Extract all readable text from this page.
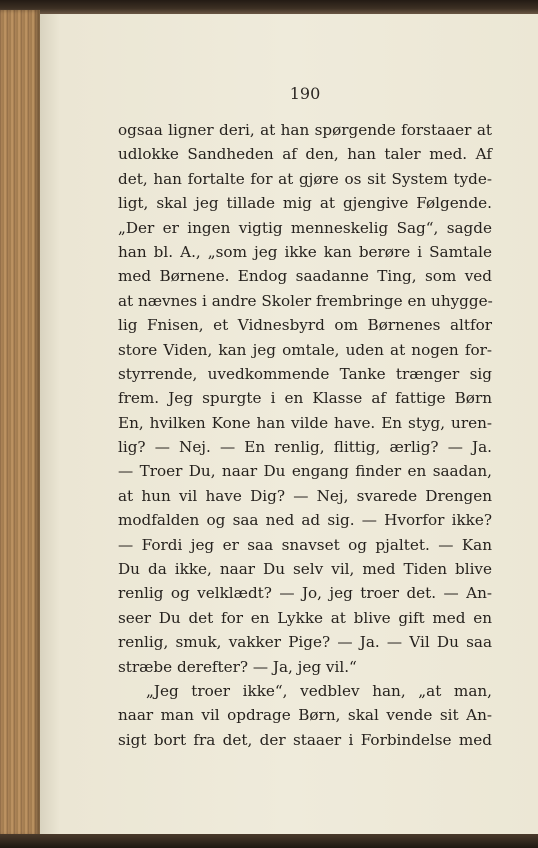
190
ogsaa ligner deri, at han spørgende forstaaer at
udlokke Sandheden af den, han taler med. Af
det, han fortalte for at gjøre os sit System tyde-
ligt, skal jeg tillade mig at gjengive Følgende.
„Der er ingen vigtig menneskelig Sag“, sagde
han bl. A., „som jeg ikke kan berøre i Samtale
med Børnene. Endog saadanne Ting, som ved
at nævnes i andre Skoler frembringe en uhygge-
lig Fnisen, et Vidnesbyrd om Børnenes altfor
store Viden, kan jeg omtale, uden at nogen for-
styrrende, uvedkommende Tanke trænger sig
frem. Jeg spurgte i en Klasse af fattige Børn
En, hvilken Kone han vilde have. En styg, uren-
lig? — Nej. — En renlig, flittig, ærlig? — Ja.
— Troer Du, naar Du engang finder en saadan,
at hun vil have Dig? — Nej, svarede Drengen
modfalden og saa ned ad sig. — Hvorfor ikke?
— Fordi jeg er saa snavset og pjaltet. — Kan
Du da ikke, naar Du selv vil, med Tiden blive
renlig og velklædt? — Jo, jeg troer det. — An-
seer Du det for en Lykke at blive gift med en
renlig, smuk, vakker Pige? — Ja. — Vil Du saa
stræbe derefter? — Ja, jeg vil.“
„Jeg troer ikke“, vedblev han, „at man,
naar man vil opdrage Børn, skal vende sit An-
sigt bort fra det, der staaer i Forbindelse med
